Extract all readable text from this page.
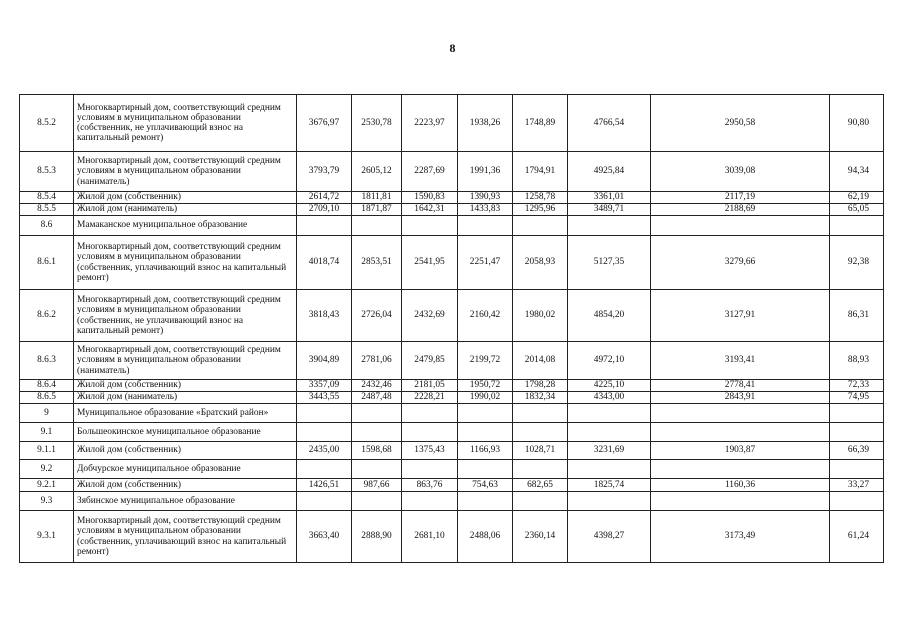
8
8.5.2	Многоквартирный дом, соответствующий средним условиям в муниципальном образовании (собственник, не уплачивающий взнос на капитальный ремонт)	3676,97	2530,78	2223,97	1938,26	1748,89	4766,54	2950,58	90,80
8.5.3	Многоквартирный дом, соответствующий средним условиям в муниципальном образовании (наниматель)	3793,79	2605,12	2287,69	1991,36	1794,91	4925,84	3039,08	94,34
8.5.4	Жилой дом (собственник)	2614,72	1811,81	1590,83	1390,93	1258,78	3361,01	2117,19	62,19
8.5.5	Жилой дом (наниматель)	2709,10	1871,87	1642,31	1433,83	1295,96	3489,71	2188,69	65,05
8.6	Мамаканское муниципальное образование								
8.6.1	Многоквартирный дом, соответствующий средним условиям в муниципальном образовании (собственник, уплачивающий взнос на капитальный ремонт)	4018,74	2853,51	2541,95	2251,47	2058,93	5127,35	3279,66	92,38
8.6.2	Многоквартирный дом, соответствующий средним условиям в муниципальном образовании (собственник, не уплачивающий взнос на капитальный ремонт)	3818,43	2726,04	2432,69	2160,42	1980,02	4854,20	3127,91	86,31
8.6.3	Многоквартирный дом, соответствующий средним условиям в муниципальном образовании (наниматель)	3904,89	2781,06	2479,85	2199,72	2014,08	4972,10	3193,41	88,93
8.6.4	Жилой дом (собственник)	3357,09	2432,46	2181,05	1950,72	1798,28	4225,10	2778,41	72,33
8.6.5	Жилой дом (наниматель)	3443,55	2487,48	2228,21	1990,02	1832,34	4343,00	2843,91	74,95
9	Муниципальное образование «Братский район»								
9.1	Большеокинское муниципальное образование								
9.1.1	Жилой дом (собственник)	2435,00	1598,68	1375,43	1166,93	1028,71	3231,69	1903,87	66,39
9.2	Добчурское муниципальное образование								
9.2.1	Жилой дом (собственник)	1426,51	987,66	863,76	754,63	682,65	1825,74	1160,36	33,27
9.3	Зябинское муниципальное образование								
9.3.1	Многоквартирный дом, соответствующий средним условиям в муниципальном образовании (собственник, уплачивающий взнос на капитальный ремонт)	3663,40	2888,90	2681,10	2488,06	2360,14	4398,27	3173,49	61,24
